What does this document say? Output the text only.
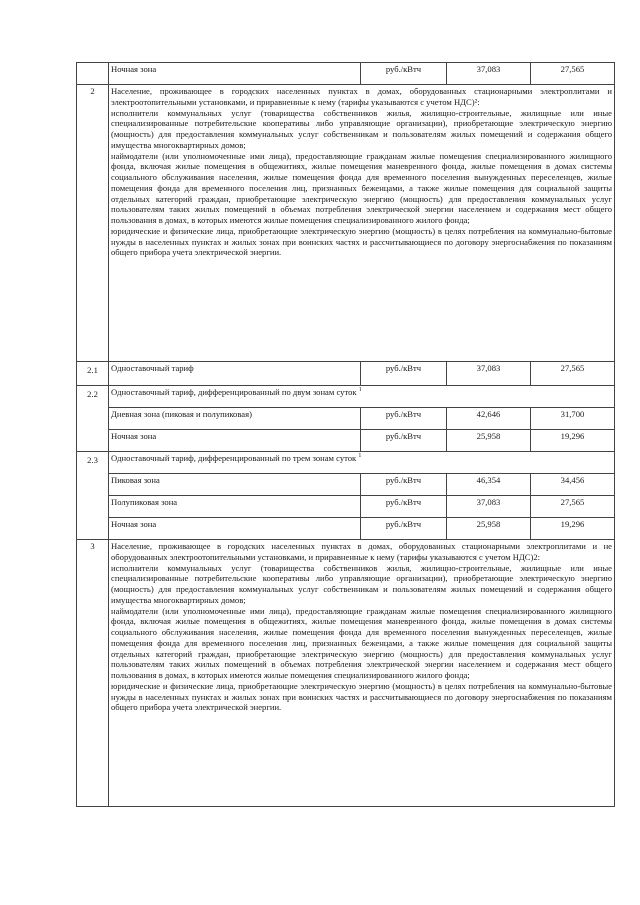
	Ночная зона	руб./кВтч	37,083	27,565
2	Население, проживающее в городских населенных пунктах в домах, оборудованных стационарными электроплитами и электроотопительными установками, и приравненные к нему (тарифы указываются с учетом НДС)²:
исполнители коммунальных услуг (товарищества собственников жилья, жилищно-строительные, жилищные или иные специализированные потребительские кооперативы либо управляющие организации), приобретающие электрическую энергию (мощность) для предоставления коммунальных услуг собственникам и пользователям жилых помещений и содержания общего имущества многоквартирных домов;
наймодатели (или уполномоченные ими лица), предоставляющие гражданам жилые помещения специализированного жилищного фонда, включая жилые помещения в общежитиях, жилые помещения маневренного фонда, жилые помещения в домах системы социального обслуживания населения, жилые помещения фонда для временного поселения вынужденных переселенцев, жилые помещения фонда для временного поселения лиц, признанных беженцами, а также жилые помещения для социальной защиты отдельных категорий граждан, приобретающие электрическую энергию (мощность) для предоставления коммунальных услуг пользователям таких жилых помещений в объемах потребления электрической энергии населением и содержания мест общего пользования в домах, в которых имеются жилые помещения специализированного жилого фонда;
юридические и физические лица, приобретающие электрическую энергию (мощность) в целях потребления на коммунально-бытовые нужды в населенных пунктах и жилых зонах при воинских частях и рассчитывающиеся по договору энергоснабжения по показаниям общего прибора учета электрической энергии.			

2.1	Одноставочный тариф	руб./кВтч	37,083	27,565
2.2	Одноставочный тариф, дифференцированный по двум зонам суток $^1$
	Дневная зона (пиковая и полупиковая)	руб./кВтч	42,646	31,700
	Ночная зона	руб./кВтч	25,958	19,296
2.3	Одноставочный тариф, дифференцированный по трем зонам суток $^1$
	Пиковая зона	руб./кВтч	46,354	34,456
	Полупиковая зона	руб./кВтч	37,083	27,565
	Ночная зона	руб./кВтч	25,958	19,296
3	Население, проживающее в городских населенных пунктах в домах, оборудованных стационарными электроплитами и не оборудованных электроотопительными установками, и приравненные к нему (тарифы указываются с учетом НДС)2:
исполнители коммунальных услуг (товарищества собственников жилья, жилищно-строительные, жилищные или иные специализированные потребительские кооперативы либо управляющие организации), приобретающие электрическую энергию (мощность) для предоставления коммунальных услуг собственникам и пользователям жилых помещений и содержания общего имущества многоквартирных домов;
наймодатели (или уполномоченные ими лица), предоставляющие гражданам жилые помещения специализированного жилищного фонда, включая жилые помещения в общежитиях, жилые помещения маневренного фонда, жилые помещения в домах системы социального обслуживания населения, жилые помещения фонда для временного поселения вынужденных переселенцев, жилые помещения фонда для временного поселения лиц, признанных беженцами, а также жилые помещения для социальной защиты отдельных категорий граждан, приобретающие электрическую энергию (мощность) для предоставления коммунальных услуг пользователям таких жилых помещений в объемах потребления электрической энергии населением и содержания мест общего пользования в домах, в которых имеются жилые помещения специализированного жилого фонда;
юридические и физические лица, приобретающие электрическую энергию (мощность) в целях потребления на коммунально-бытовые нужды в населенных пунктах и жилых зонах при воинских частях и рассчитывающиеся по договору энергоснабжения по показаниям общего прибора учета электрической энергии.			
